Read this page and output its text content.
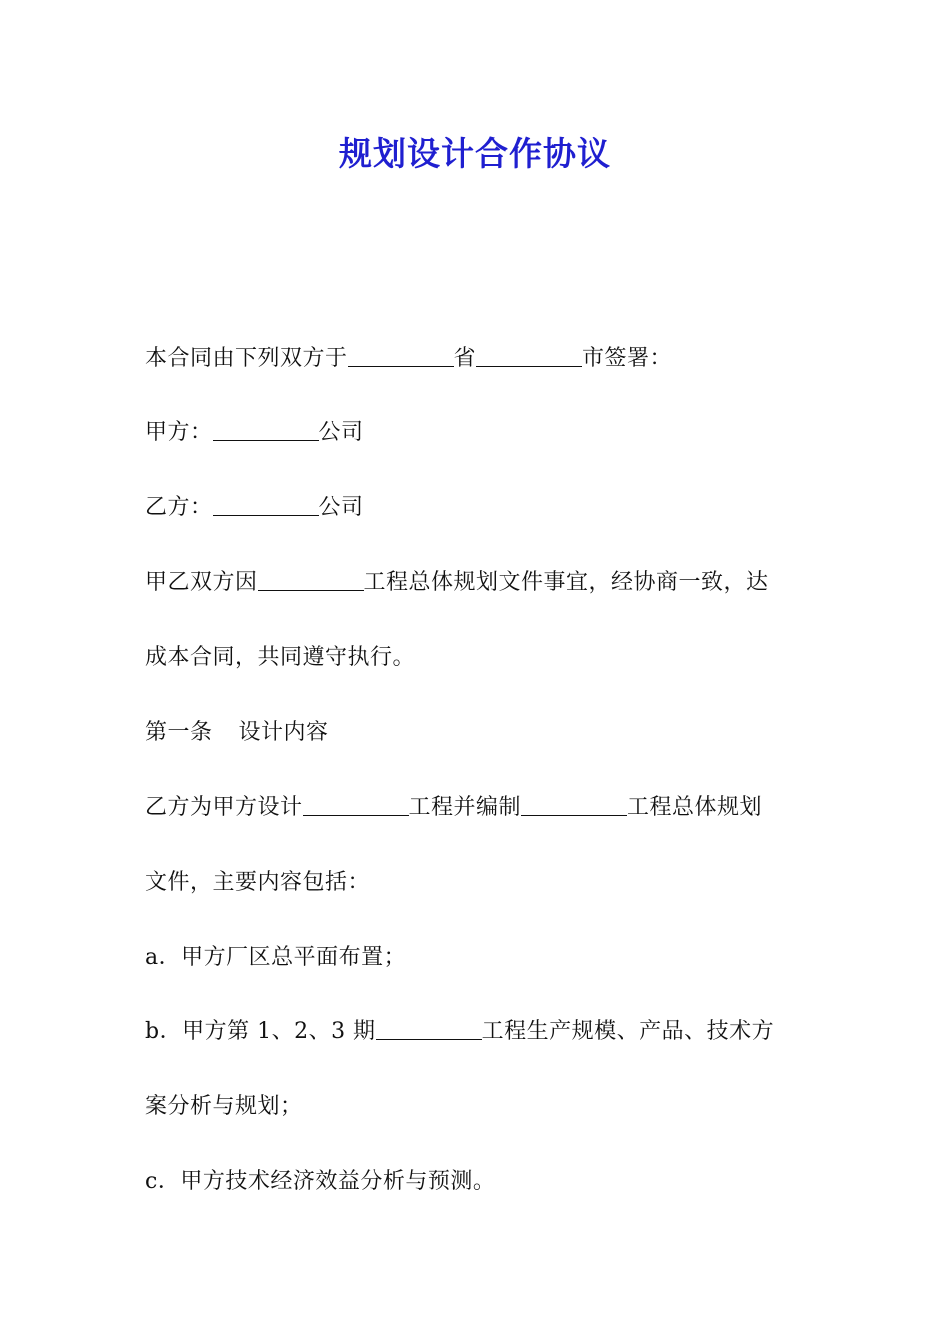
规划设计合作协议
本合同由下列双方于	省	市签署：
甲方：	公司
乙方：	公司
甲乙双方因	工程总体规划文件事宜，经协商一致，达
成本合同，共同遵守执行。
第一条 设计内容
乙方为甲方设计	工程并编制	工程总体规划
文件，主要内容包括：
a．甲方厂区总平面布置；
b．甲方第 1、2、3 期	工程生产规模、产品、技术方
案分析与规划；
c．甲方技术经济效益分析与预测。
